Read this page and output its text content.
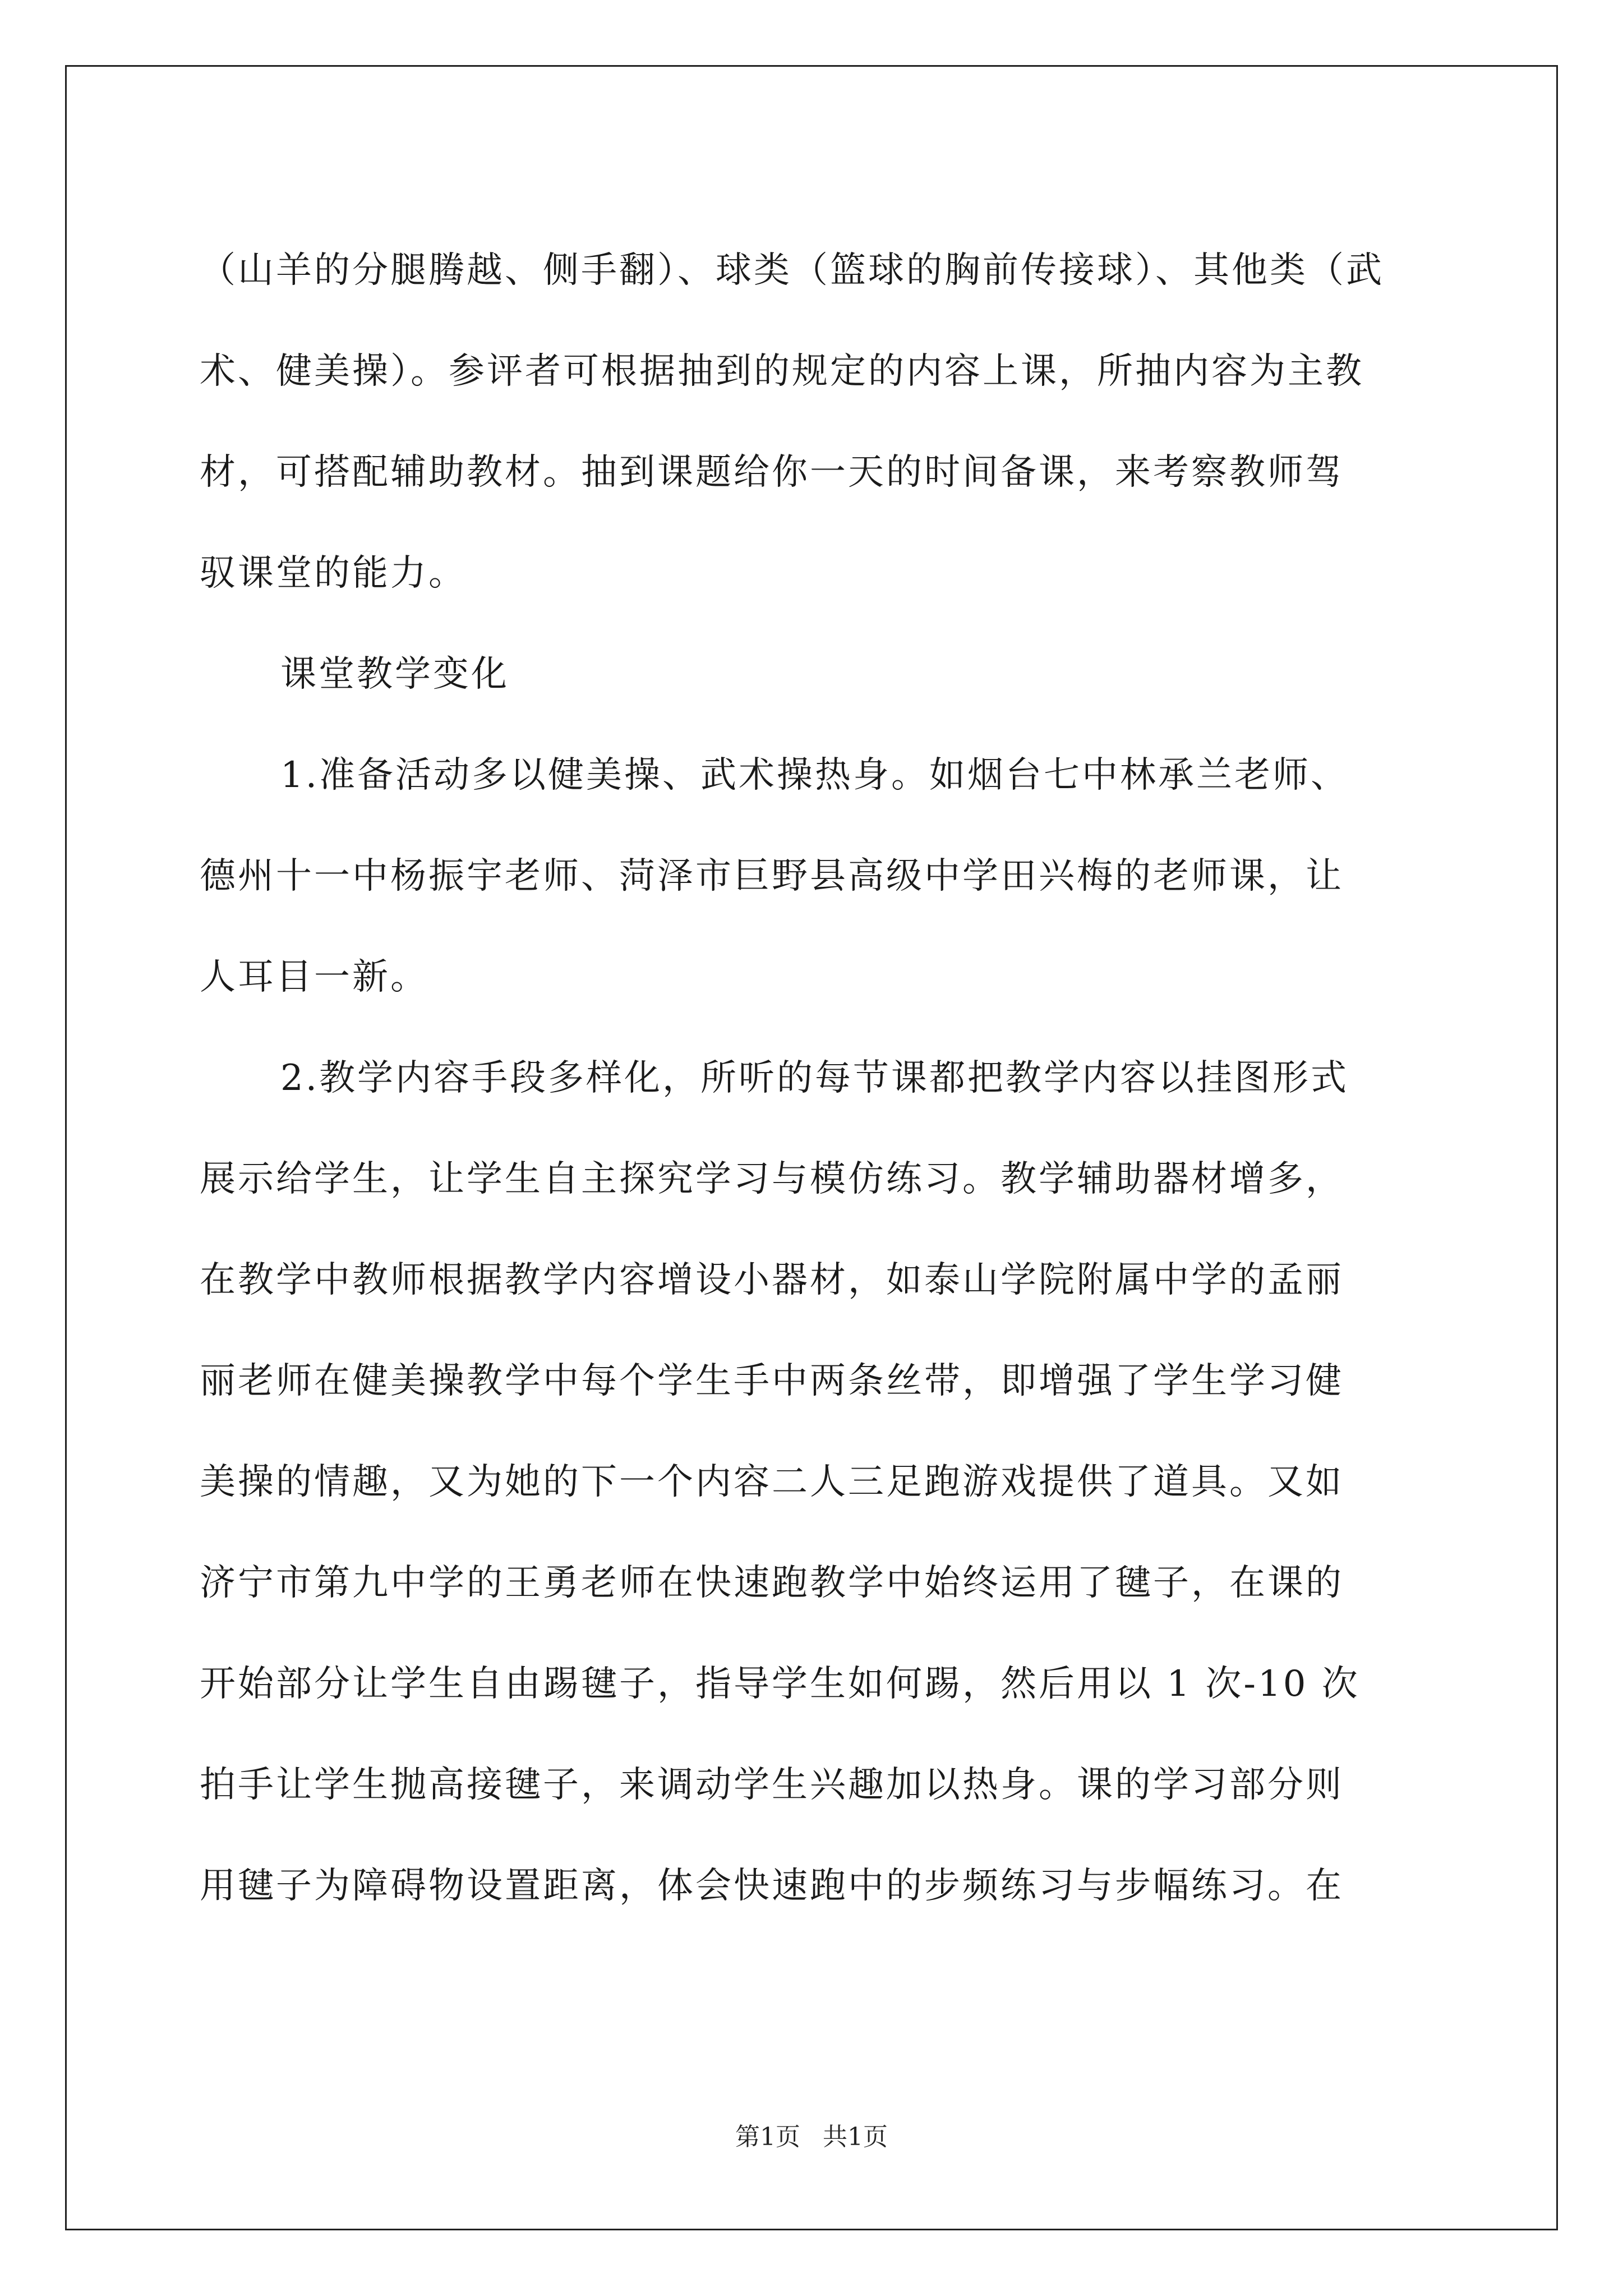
（山羊的分腿腾越、侧手翻）、球类（篮球的胸前传接球）、其他类（武
术、健美操）。参评者可根据抽到的规定的内容上课，所抽内容为主教
材，可搭配辅助教材。抽到课题给你一天的时间备课，来考察教师驾
驭课堂的能力。
课堂教学变化
1.准备活动多以健美操、武术操热身。如烟台七中林承兰老师、
德州十一中杨振宇老师、菏泽市巨野县高级中学田兴梅的老师课，让
人耳目一新。
2.教学内容手段多样化，所听的每节课都把教学内容以挂图形式
展示给学生，让学生自主探究学习与模仿练习。教学辅助器材增多，
在教学中教师根据教学内容增设小器材，如泰山学院附属中学的孟丽
丽老师在健美操教学中每个学生手中两条丝带，即增强了学生学习健
美操的情趣，又为她的下一个内容二人三足跑游戏提供了道具。又如
济宁市第九中学的王勇老师在快速跑教学中始终运用了毽子，在课的
开始部分让学生自由踢毽子，指导学生如何踢，然后用以 1 次-10 次
拍手让学生抛高接毽子，来调动学生兴趣加以热身。课的学习部分则
用毽子为障碍物设置距离，体会快速跑中的步频练习与步幅练习。在
第1页 共1页
